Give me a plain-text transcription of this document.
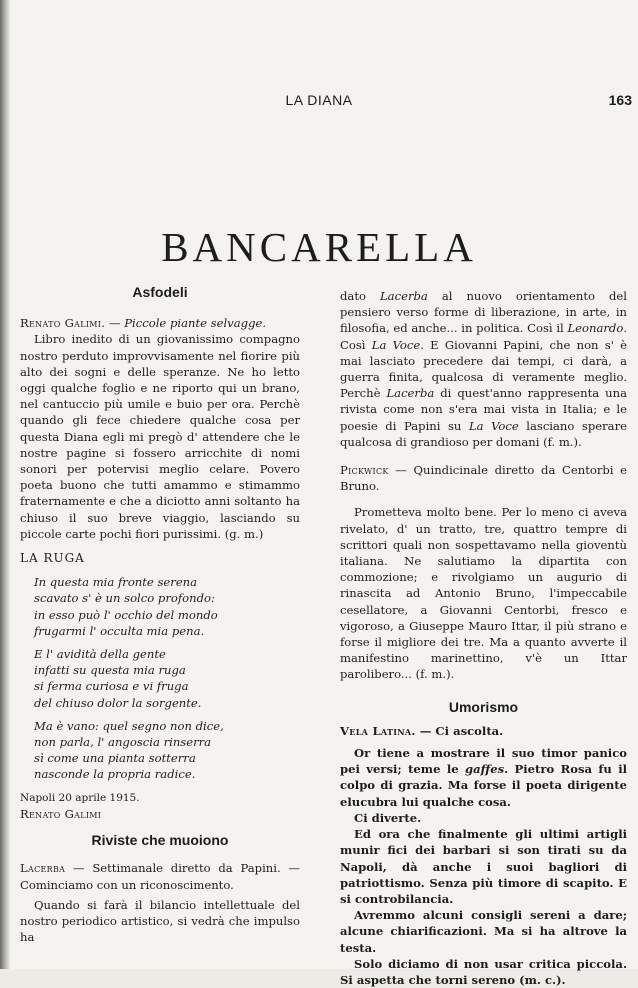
LA DIANA	163
BANCARELLA
Asfodeli

Renato Galimi. — Piccole piante selvagge.

Libro inedito di un giovanissimo compagno nostro perduto improvvisamente nel fiorire più alto dei sogni e delle speranze. Ne ho letto oggi qualche foglio e ne riporto qui un brano, nel cantuccio più umile e buio per ora. Perchè quando gli fece chiedere qualche cosa per questa Diana egli mi pregò d' attendere che le nostre pagine si fossero arricchite di nomi sonori per potervisi meglio celare. Povero poeta buono che tutti amammo e stimammo fraternamente e che a diciotto anni soltanto ha chiuso il suo breve viaggio, lasciando su piccole carte pochi fiori purissimi. (g. m.)

LA RUGA

In questa mia fronte serena
scavato s' è un solco profondo:
in esso può l' occhio del mondo
frugarmi l' occulta mia pena.
E l' avidità della gente
infatti su questa mia ruga
si ferma curiosa e vi fruga
del chiuso dolor la sorgente.
Ma è vano: quel segno non dice,
non parla, l' angoscia rinserra
sì come una pianta sotterra
nasconde la propria radice.

Napoli 20 aprile 1915.

Renato Galimi

Riviste che muoiono

Lacerba — Settimanale diretto da Papini. — Cominciamo con un riconoscimento.

Quando si farà il bilancio intellettuale del nostro periodico artistico, si vedrà che impulso ha

dato Lacerba al nuovo orientamento del pensiero verso forme di liberazione, in arte, in filosofia, ed anche... in politica. Così il Leonardo. Così La Voce. E Giovanni Papini, che non s' è mai lasciato precedere dai tempi, ci darà, a guerra finita, qualcosa di veramente meglio. Perchè Lacerba di quest'anno rappresenta una rivista come non s'era mai vista in Italia; e le poesie di Papini su La Voce lasciano sperare qualcosa di grandioso per domani (f. m.).

Pickwick — Quindicinale diretto da Centorbi e Bruno.

Prometteva molto bene. Per lo meno ci aveva rivelato, d' un tratto, tre, quattro tempre di scrittori quali non sospettavamo nella gioventù italiana. Ne salutiamo la dipartita con commozione; e rivolgiamo un augurio di rinascita ad Antonio Bruno, l'impeccabile cesellatore, a Giovanni Centorbi, fresco e vigoroso, a Giuseppe Mauro Ittar, il più strano e forse il migliore dei tre. Ma a quanto avverte il manifestino marinettino, v'è un Ittar parolibero... (f. m.).

Umorismo

Vela Latina. — Ci ascolta.

Or tiene a mostrare il suo timor panico pei versi; teme le gaffes. Pietro Rosa fu il colpo di grazia. Ma forse il poeta dirigente elucubra lui qualche cosa.

Ci diverte.

Ed ora che finalmente gli ultimi artigli munir fici dei barbari si son tirati su da Napoli, dà anche i suoi bagliori di patriottismo. Senza più timore di scapito. E si controbilancia.

Avremmo alcuni consigli sereni a dare; alcune chiarificazioni. Ma si ha altrove la testa.

Solo diciamo di non usar critica piccola. Si aspetta che torni sereno (m. c.).
